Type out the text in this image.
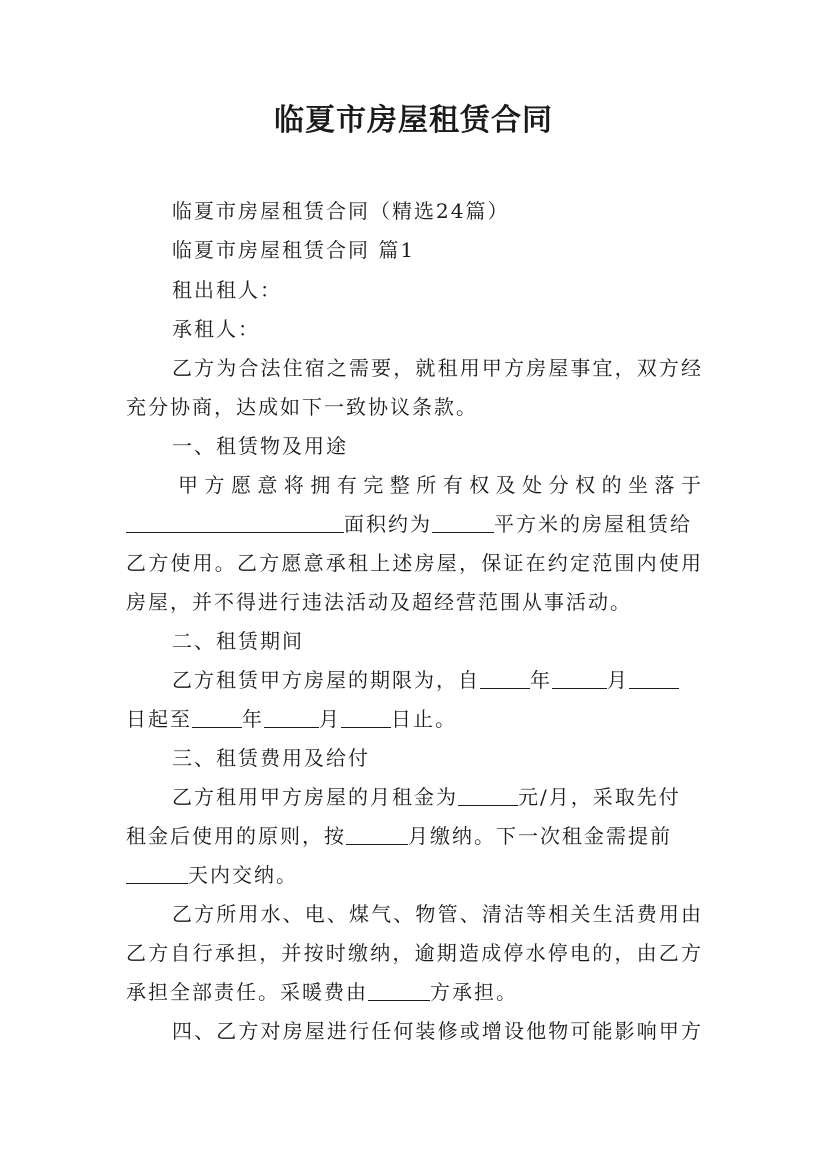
临夏市房屋租赁合同
临夏市房屋租赁合同（精选24篇）
临夏市房屋租赁合同 篇1
租出租人：
承租人：
乙方为合法住宿之需要，就租用甲方房屋事宜，双方经
充分协商，达成如下一致协议条款。
一、租赁物及用途
甲方愿意将拥有完整所有权及处分权的坐落于
面积约为	平方米的房屋租赁给
乙方使用。乙方愿意承租上述房屋，保证在约定范围内使用
房屋，并不得进行违法活动及超经营范围从事活动。
二、租赁期间
乙方租赁甲方房屋的期限为，自	年	月
日起至	年	月	日止。
三、租赁费用及给付
乙方租用甲方房屋的月租金为	元/月，采取先付
租金后使用的原则，按	月缴纳。下一次租金需提前
天内交纳。
乙方所用水、电、煤气、物管、清洁等相关生活费用由
乙方自行承担，并按时缴纳，逾期造成停水停电的，由乙方
承担全部责任。采暖费由	方承担。
四、乙方对房屋进行任何装修或增设他物可能影响甲方
